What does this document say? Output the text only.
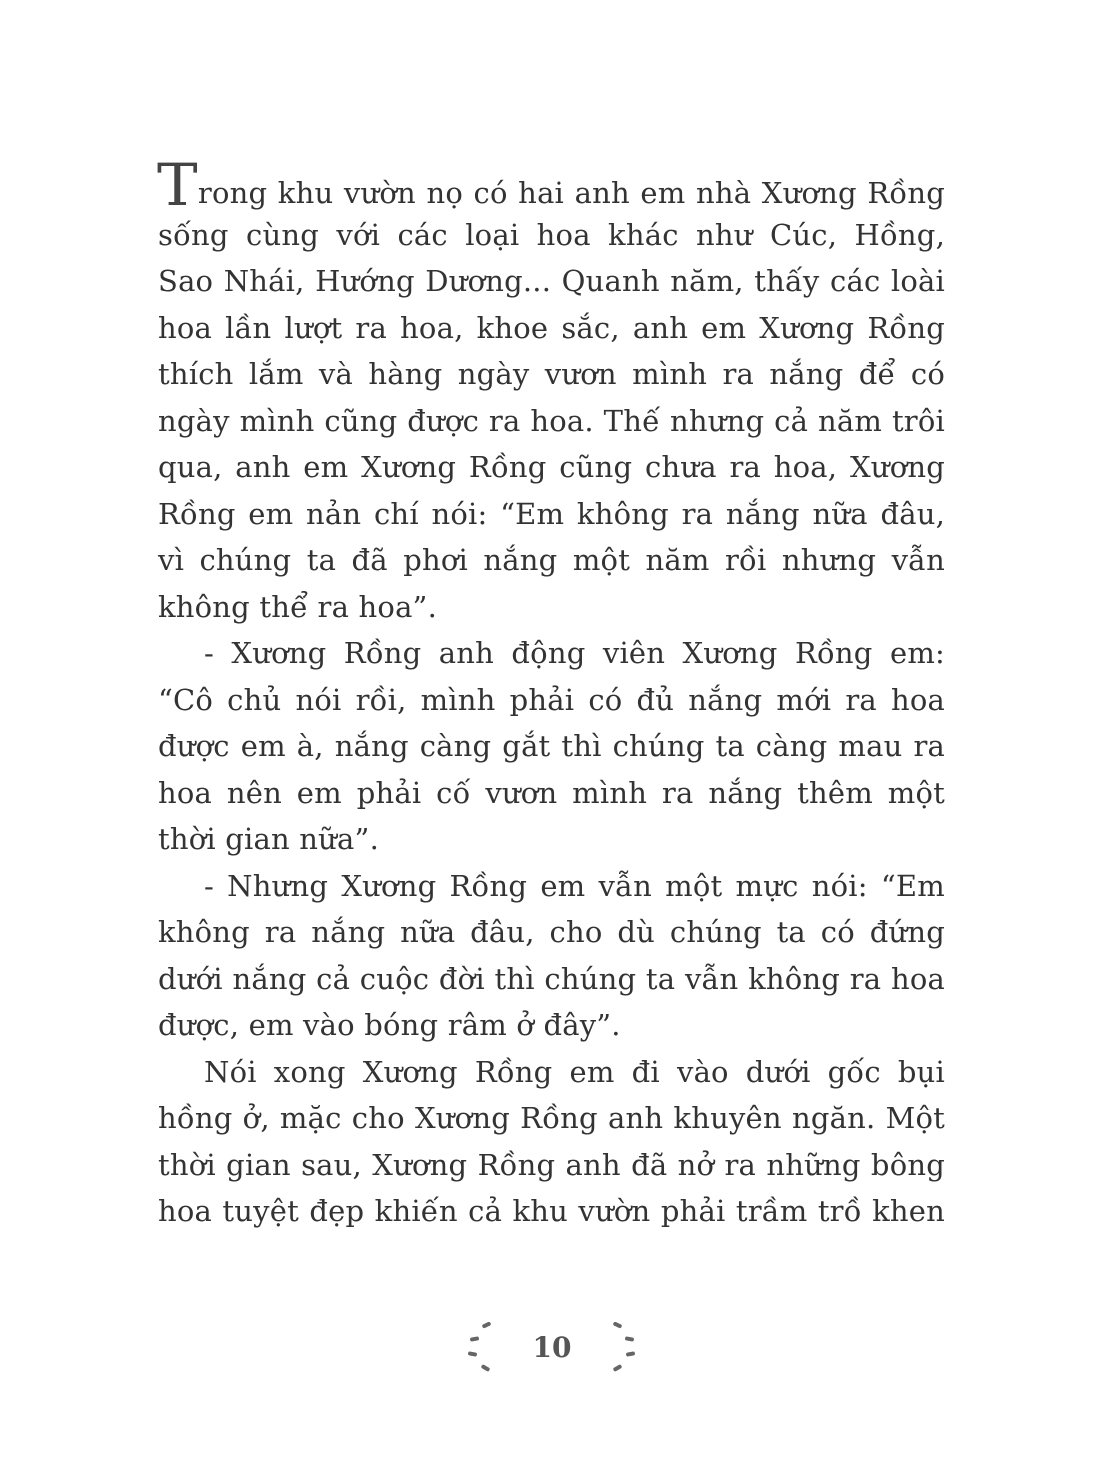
Trong khu vườn nọ có hai anh em nhà Xương Rồng
sống cùng với các loại hoa khác như Cúc, Hồng,
Sao Nhái, Hướng Dương... Quanh năm, thấy các loài
hoa lần lượt ra hoa, khoe sắc, anh em Xương Rồng
thích lắm và hàng ngày vươn mình ra nắng để có
ngày mình cũng được ra hoa. Thế nhưng cả năm trôi
qua, anh em Xương Rồng cũng chưa ra hoa, Xương
Rồng em nản chí nói: “Em không ra nắng nữa đâu,
vì chúng ta đã phơi nắng một năm rồi nhưng vẫn
không thể ra hoa”.
- Xương Rồng anh động viên Xương Rồng em:
“Cô chủ nói rồi, mình phải có đủ nắng mới ra hoa
được em à, nắng càng gắt thì chúng ta càng mau ra
hoa nên em phải cố vươn mình ra nắng thêm một
thời gian nữa”.
- Nhưng Xương Rồng em vẫn một mực nói: “Em
không ra nắng nữa đâu, cho dù chúng ta có đứng
dưới nắng cả cuộc đời thì chúng ta vẫn không ra hoa
được, em vào bóng râm ở đây”.
Nói xong Xương Rồng em đi vào dưới gốc bụi
hồng ở, mặc cho Xương Rồng anh khuyên ngăn. Một
thời gian sau, Xương Rồng anh đã nở ra những bông
hoa tuyệt đẹp khiến cả khu vườn phải trầm trồ khen
10
